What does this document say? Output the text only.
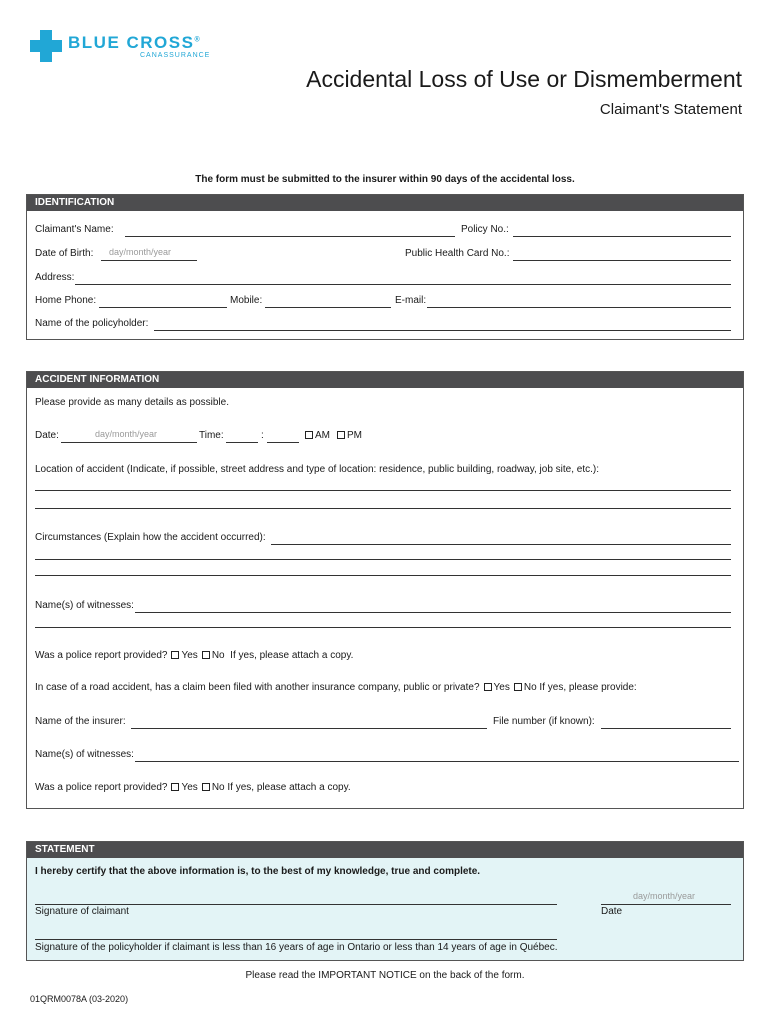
BLUE CROSS®
CANASSURANCE
Accidental Loss of Use or Dismemberment
Claimant's Statement
The form must be submitted to the insurer within 90 days of the accidental loss.
IDENTIFICATION
Claimant's Name:	Policy No.:
Date of Birth: day/month/year	Public Health Card No.:
Address:
Home Phone:	Mobile:	E-mail:
Name of the policyholder:
ACCIDENT INFORMATION
Please provide as many details as possible.
Date:	day/month/year	Time:	:	AM	PM
Location of accident (Indicate, if possible, street address and type of location: residence, public building, roadway, job site, etc.):
Circumstances (Explain how the accident occurred):
Name(s) of witnesses:
Was a police report provided? Yes No If yes, please attach a copy.
In case of a road accident, has a claim been filed with another insurance company, public or private? Yes No If yes, please provide:
Name of the insurer:	File number (if known):
Name(s) of witnesses:
Was a police report provided? Yes No If yes, please attach a copy.
STATEMENT
I hereby certify that the above information is, to the best of my knowledge, true and complete.
Signature of claimant
day/month/year
Date
Signature of the policyholder if claimant is less than 16 years of age in Ontario or less than 14 years of age in Québec.
Please read the IMPORTANT NOTICE on the back of the form.
01QRM0078A (03-2020)
